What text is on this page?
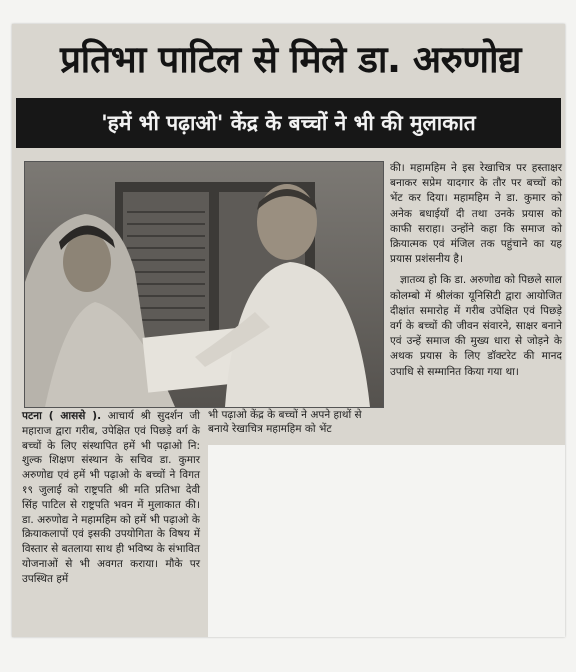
प्रतिभा पाटिल से मिले डा. अरुणोद्य
'हमें भी पढ़ाओ' केंद्र के बच्चों ने भी की मुलाकात
भी पढ़ाओ केंद्र के बच्चों ने अपने हाथों से बनाये रेखाचित्र महामहिम को भेंट

की। महामहिम ने इस रेखाचित्र पर हस्ताक्षर बनाकर सप्रेम यादगार के तौर पर बच्चों को भेंट कर दिया। महामहिम ने डा. कुमार को अनेक बधाईयाँ दी तथा उनके प्रयास को काफी सराहा। उन्होंने कहा कि समाज को क्रियात्मक एवं मंजिल तक पहुंचाने का यह प्रयास प्रशंसनीय है।

ज्ञातव्य हो कि डा. अरुणोद्य को पिछले साल कोलम्बो में श्रीलंका यूनिसिटी द्वारा आयोजित दीक्षांत समारोह में गरीब उपेक्षित एवं पिछड़े वर्ग के बच्चों की जीवन संवारने, साक्षर बनाने एवं उन्हें समाज की मुख्य धारा से जोड़ने के अथक प्रयास के लिए डॉक्टरेट की मानद उपाधि से सम्मानित किया गया था।

पटना ( आससे ). आचार्य श्री सुदर्शन जी महाराज द्वारा गरीब, उपेक्षित एवं पिछड़े वर्ग के बच्चों के लिए संस्थापित हमें भी पढ़ाओ नि: शुल्क शिक्षण संस्थान के सचिव डा. कुमार अरुणोद्य एवं हमें भी पढ़ाओ के बच्चों ने विगत १९ जुलाई को राष्ट्रपति श्री मति प्रतिभा देवी सिंह पाटिल से राष्ट्रपति भवन में मुलाकात की। डा. अरुणोद्य ने महामहिम को हमें भी पढ़ाओ के क्रियाकलापों एवं इसकी उपयोगिता के विषय में विस्तार से बतलाया साथ ही भविष्य के संभावित योजनाओं से भी अवगत कराया। मौके पर उपस्थित हमें
